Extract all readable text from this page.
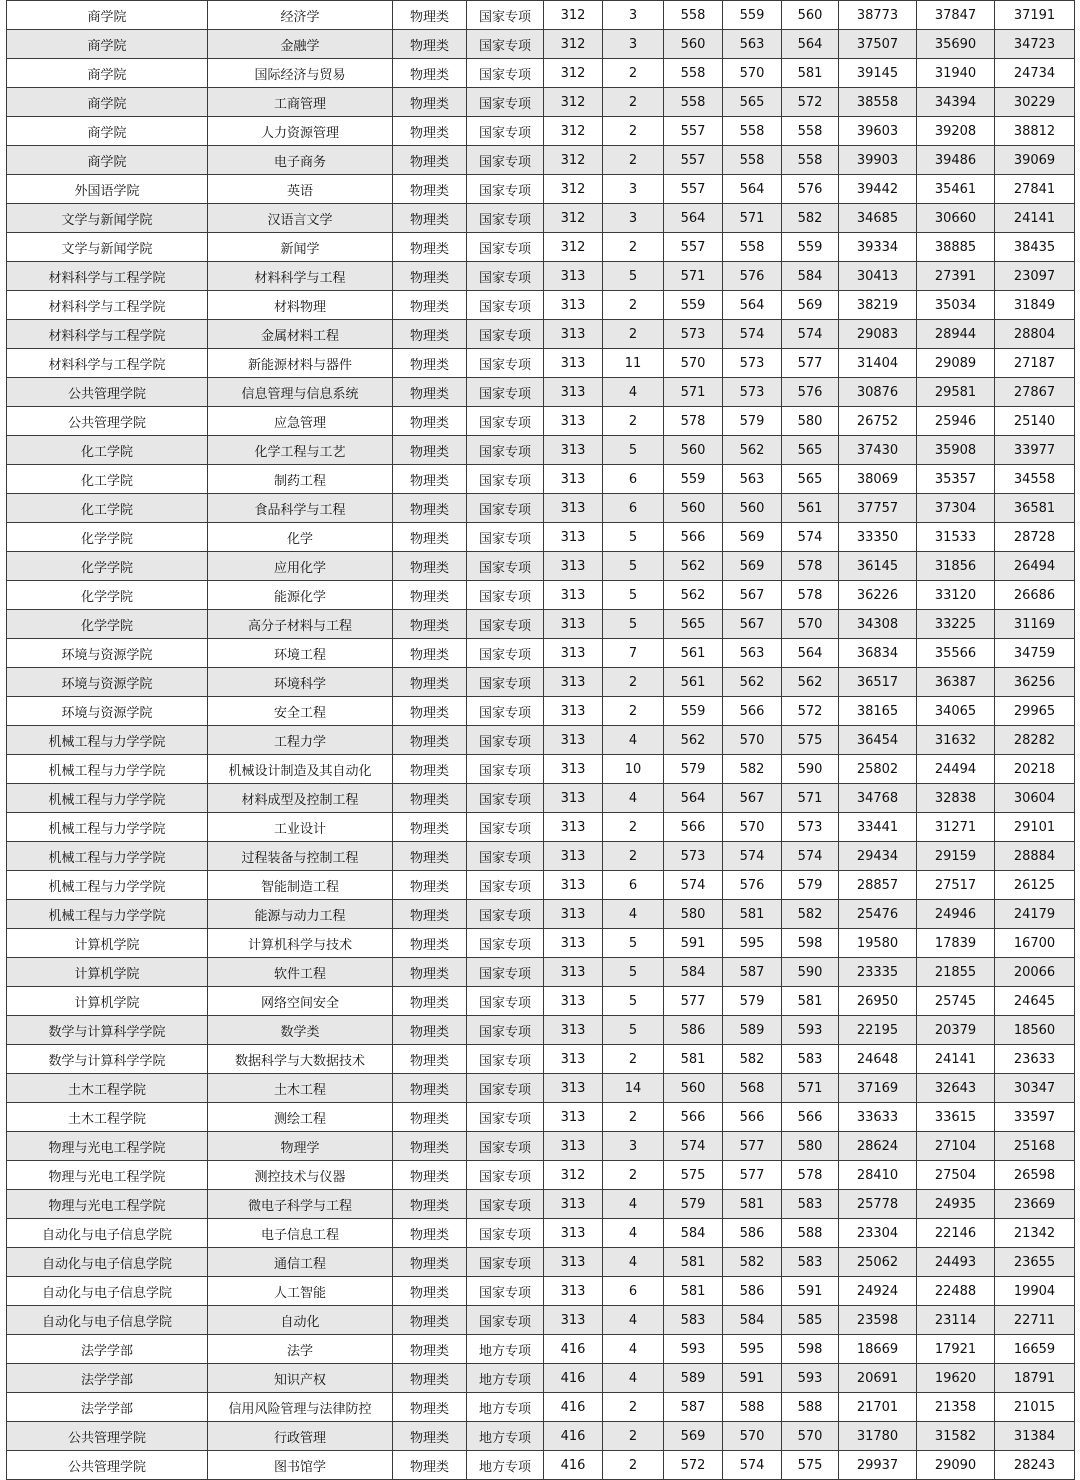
商学院	经济学	物理类	国家专项	312	3	558	559	560	38773	37847	37191
商学院	金融学	物理类	国家专项	312	3	560	563	564	37507	35690	34723
商学院	国际经济与贸易	物理类	国家专项	312	2	558	570	581	39145	31940	24734
商学院	工商管理	物理类	国家专项	312	2	558	565	572	38558	34394	30229
商学院	人力资源管理	物理类	国家专项	312	2	557	558	558	39603	39208	38812
商学院	电子商务	物理类	国家专项	312	2	557	558	558	39903	39486	39069
外国语学院	英语	物理类	国家专项	312	3	557	564	576	39442	35461	27841
文学与新闻学院	汉语言文学	物理类	国家专项	312	3	564	571	582	34685	30660	24141
文学与新闻学院	新闻学	物理类	国家专项	312	2	557	558	559	39334	38885	38435
材料科学与工程学院	材料科学与工程	物理类	国家专项	313	5	571	576	584	30413	27391	23097
材料科学与工程学院	材料物理	物理类	国家专项	313	2	559	564	569	38219	35034	31849
材料科学与工程学院	金属材料工程	物理类	国家专项	313	2	573	574	574	29083	28944	28804
材料科学与工程学院	新能源材料与器件	物理类	国家专项	313	11	570	573	577	31404	29089	27187
公共管理学院	信息管理与信息系统	物理类	国家专项	313	4	571	573	576	30876	29581	27867
公共管理学院	应急管理	物理类	国家专项	313	2	578	579	580	26752	25946	25140
化工学院	化学工程与工艺	物理类	国家专项	313	5	560	562	565	37430	35908	33977
化工学院	制药工程	物理类	国家专项	313	6	559	563	565	38069	35357	34558
化工学院	食品科学与工程	物理类	国家专项	313	6	560	560	561	37757	37304	36581
化学学院	化学	物理类	国家专项	313	5	566	569	574	33350	31533	28728
化学学院	应用化学	物理类	国家专项	313	5	562	569	578	36145	31856	26494
化学学院	能源化学	物理类	国家专项	313	5	562	567	578	36226	33120	26686
化学学院	高分子材料与工程	物理类	国家专项	313	5	565	567	570	34308	33225	31169
环境与资源学院	环境工程	物理类	国家专项	313	7	561	563	564	36834	35566	34759
环境与资源学院	环境科学	物理类	国家专项	313	2	561	562	562	36517	36387	36256
环境与资源学院	安全工程	物理类	国家专项	313	2	559	566	572	38165	34065	29965
机械工程与力学学院	工程力学	物理类	国家专项	313	4	562	570	575	36454	31632	28282
机械工程与力学学院	机械设计制造及其自动化	物理类	国家专项	313	10	579	582	590	25802	24494	20218
机械工程与力学学院	材料成型及控制工程	物理类	国家专项	313	4	564	567	571	34768	32838	30604
机械工程与力学学院	工业设计	物理类	国家专项	313	2	566	570	573	33441	31271	29101
机械工程与力学学院	过程装备与控制工程	物理类	国家专项	313	2	573	574	574	29434	29159	28884
机械工程与力学学院	智能制造工程	物理类	国家专项	313	6	574	576	579	28857	27517	26125
机械工程与力学学院	能源与动力工程	物理类	国家专项	313	4	580	581	582	25476	24946	24179
计算机学院	计算机科学与技术	物理类	国家专项	313	5	591	595	598	19580	17839	16700
计算机学院	软件工程	物理类	国家专项	313	5	584	587	590	23335	21855	20066
计算机学院	网络空间安全	物理类	国家专项	313	5	577	579	581	26950	25745	24645
数学与计算科学学院	数学类	物理类	国家专项	313	5	586	589	593	22195	20379	18560
数学与计算科学学院	数据科学与大数据技术	物理类	国家专项	313	2	581	582	583	24648	24141	23633
土木工程学院	土木工程	物理类	国家专项	313	14	560	568	571	37169	32643	30347
土木工程学院	测绘工程	物理类	国家专项	313	2	566	566	566	33633	33615	33597
物理与光电工程学院	物理学	物理类	国家专项	313	3	574	577	580	28624	27104	25168
物理与光电工程学院	测控技术与仪器	物理类	国家专项	312	2	575	577	578	28410	27504	26598
物理与光电工程学院	微电子科学与工程	物理类	国家专项	313	4	579	581	583	25778	24935	23669
自动化与电子信息学院	电子信息工程	物理类	国家专项	313	4	584	586	588	23304	22146	21342
自动化与电子信息学院	通信工程	物理类	国家专项	313	4	581	582	583	25062	24493	23655
自动化与电子信息学院	人工智能	物理类	国家专项	313	6	581	586	591	24924	22488	19904
自动化与电子信息学院	自动化	物理类	国家专项	313	4	583	584	585	23598	23114	22711
法学学部	法学	物理类	地方专项	416	4	593	595	598	18669	17921	16659
法学学部	知识产权	物理类	地方专项	416	4	589	591	593	20691	19620	18791
法学学部	信用风险管理与法律防控	物理类	地方专项	416	2	587	588	588	21701	21358	21015
公共管理学院	行政管理	物理类	地方专项	416	2	569	570	570	31780	31582	31384
公共管理学院	图书馆学	物理类	地方专项	416	2	572	574	575	29937	29090	28243
